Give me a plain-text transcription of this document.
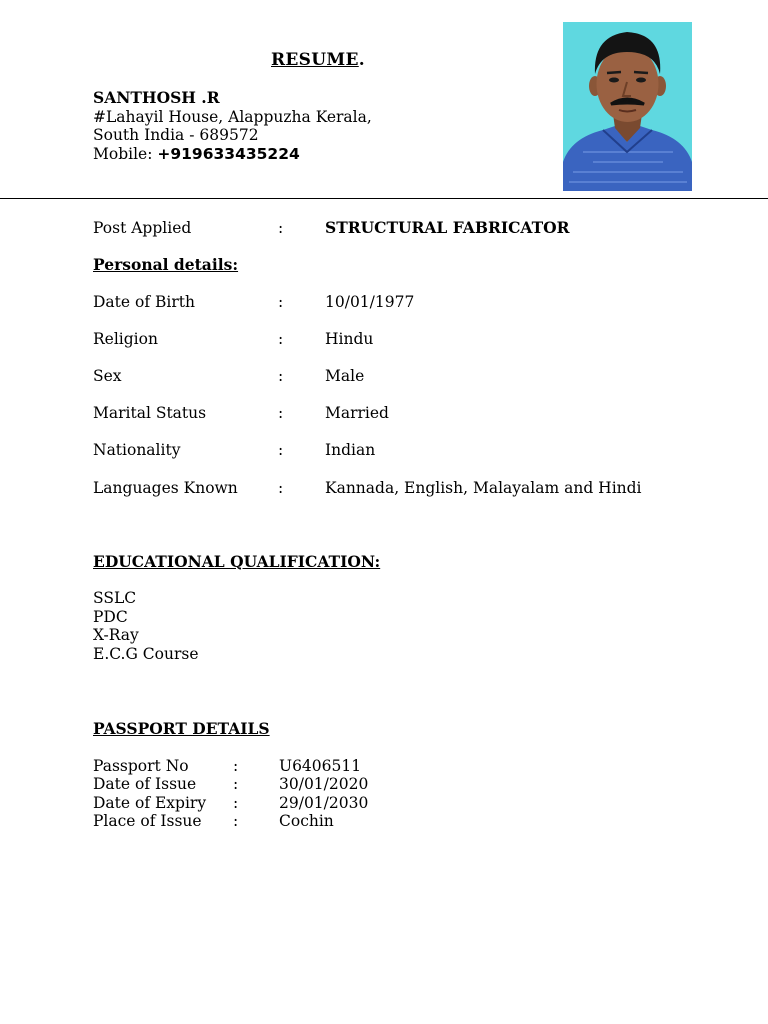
RESUME.
SANTHOSH .R
#Lahayil House, Alappuzha Kerala,
South India - 689572
Mobile: +919633435224
Post Applied	:	STRUCTURAL FABRICATOR
Personal details:
Date of Birth	:	10/01/1977
Religion	:	Hindu
Sex	:	Male
Marital Status	:	Married
Nationality	:	Indian
Languages Known	:	Kannada, English, Malayalam and Hindi
EDUCATIONAL QUALIFICATION:
SSLC
PDC
X-Ray
E.C.G Course
PASSPORT DETAILS
Passport No	:	U6406511
Date of Issue :	30/01/2020
Date of Expiry :	29/01/2030
Place of Issue :	Cochin
